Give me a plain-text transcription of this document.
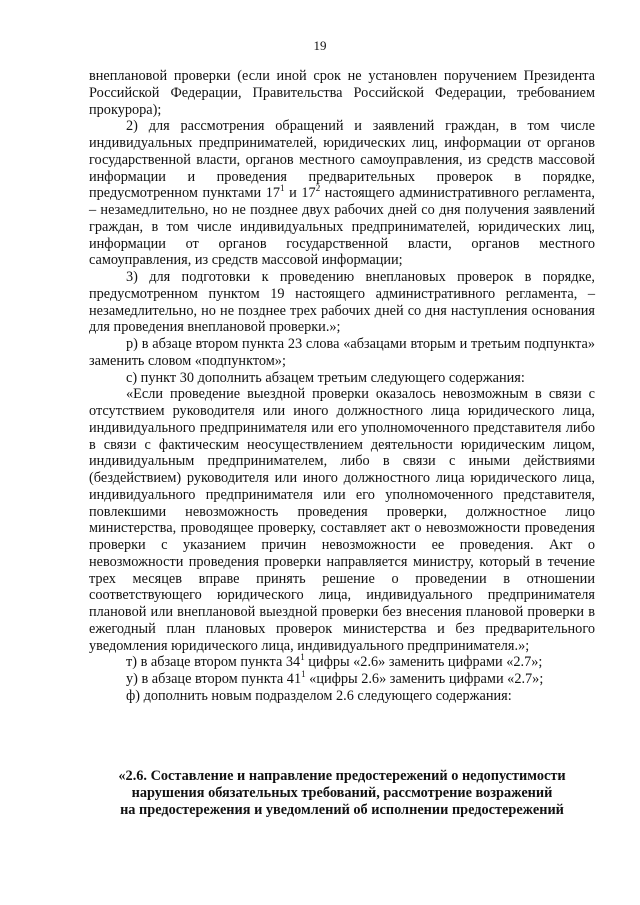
19

внеплановой проверки (если иной срок не установлен поручением Президента Российской Федерации, Правительства Российской Федерации, требованием прокурора);

2) для рассмотрения обращений и заявлений граждан, в том числе индивидуальных предпринимателей, юридических лиц, информации от органов государственной власти, органов местного самоуправления, из средств массовой информации и проведения предварительных проверок в порядке, предусмотренном пунктами $17^1$ и $17^2$ настоящего административного регламента, – незамедлительно, но не позднее двух рабочих дней со дня получения заявлений граждан, в том числе индивидуальных предпринимателей, юридических лиц, информации от органов государственной власти, органов местного самоуправления, из средств массовой информации;

3) для подготовки к проведению внеплановых проверок в порядке, предусмотренном пунктом 19 настоящего административного регламента, – незамедлительно, но не позднее трех рабочих дней со дня наступления основания для проведения внеплановой проверки.»;

р) в абзаце втором пункта 23 слова «абзацами вторым и третьим подпункта» заменить словом «подпунктом»;

с) пункт 30 дополнить абзацем третьим следующего содержания:

«Если проведение выездной проверки оказалось невозможным в связи с отсутствием руководителя или иного должностного лица юридического лица, индивидуального предпринимателя или его уполномоченного представителя либо в связи с фактическим неосуществлением деятельности юридическим лицом, индивидуальным предпринимателем, либо в связи с иными действиями (бездействием) руководителя или иного должностного лица юридического лица, индивидуального предпринимателя или его уполномоченного представителя, повлекшими невозможность проведения проверки, должностное лицо министерства, проводящее проверку, составляет акт о невозможности проведения проверки с указанием причин невозможности ее проведения. Акт о невозможности проведения проверки направляется министру, который в течение трех месяцев вправе принять решение о проведении в отношении соответствующего юридического лица, индивидуального предпринимателя плановой или внеплановой выездной проверки без внесения плановой проверки в ежегодный план плановых проверок министерства и без предварительного уведомления юридического лица, индивидуального предпринимателя.»;

т) в абзаце втором пункта $34^1$ цифры «2.6» заменить цифрами «2.7»;

у) в абзаце втором пункта $41^1$ «цифры 2.6» заменить цифрами «2.7»;

ф) дополнить новым подразделом 2.6 следующего содержания:

«2.6. Составление и направление предостережений о недопустимости
нарушения обязательных требований, рассмотрение возражений
на предостережения и уведомлений об исполнении предостережений
